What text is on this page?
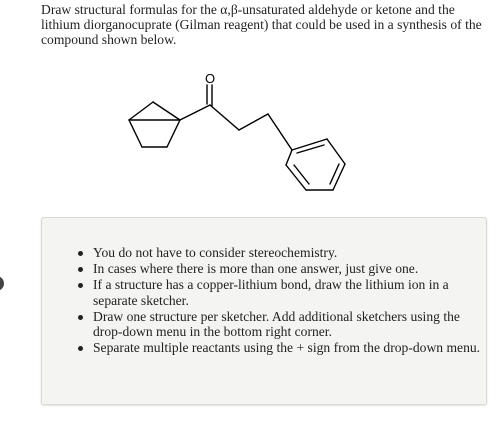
Draw structural formulas for the α,β-unsaturated aldehyde or ketone and the lithium diorganocuprate (Gilman reagent) that could be used in a synthesis of the compound shown below.

O
You do not have to consider stereochemistry.
In cases where there is more than one answer, just give one.
If a structure has a copper-lithium bond, draw the lithium ion in a separate sketcher.
Draw one structure per sketcher. Add additional sketchers using the drop-down menu in the bottom right corner.
Separate multiple reactants using the + sign from the drop-down menu.
